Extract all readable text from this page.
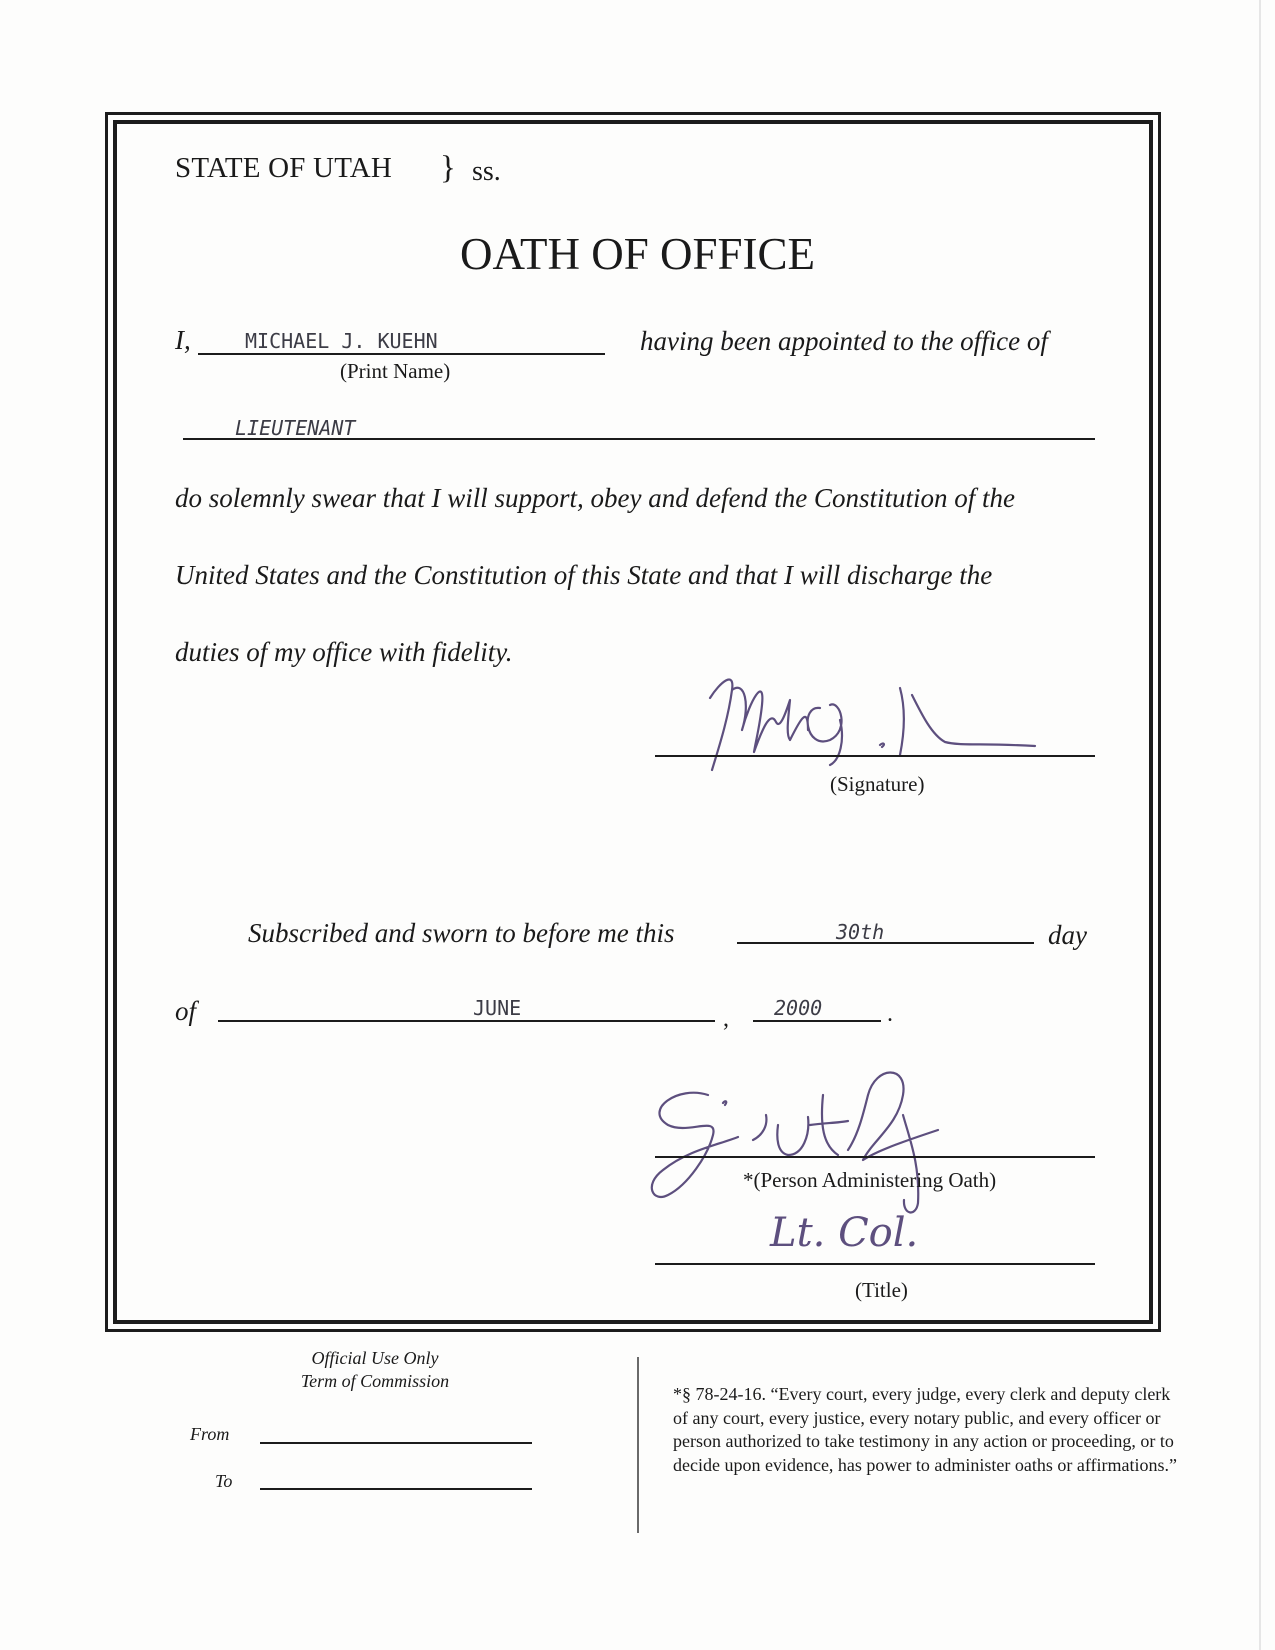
STATE OF UTAH } ss.
OATH OF OFFICE
I,	MICHAEL J. KUEHN
(Print Name)
having been appointed to the office of
LIEUTENANT
do solemnly swear that I will support, obey and defend the Constitution of the
United States and the Constitution of this State and that I will discharge the
duties of my office with fidelity.
(Signature)
Subscribed and sworn to before me this	30th	day
of	JUNE	, 2000	.
*(Person Administering Oath)
Lt. Col.
(Title)
Official Use Only
Term of Commission
From
To
*§ 78-24-16. “Every court, every judge, every clerk and deputy clerk of any court, every justice, every notary public, and every officer or person authorized to take testimony in any action or proceeding, or to decide upon evidence, has power to administer oaths or affirmations.”
